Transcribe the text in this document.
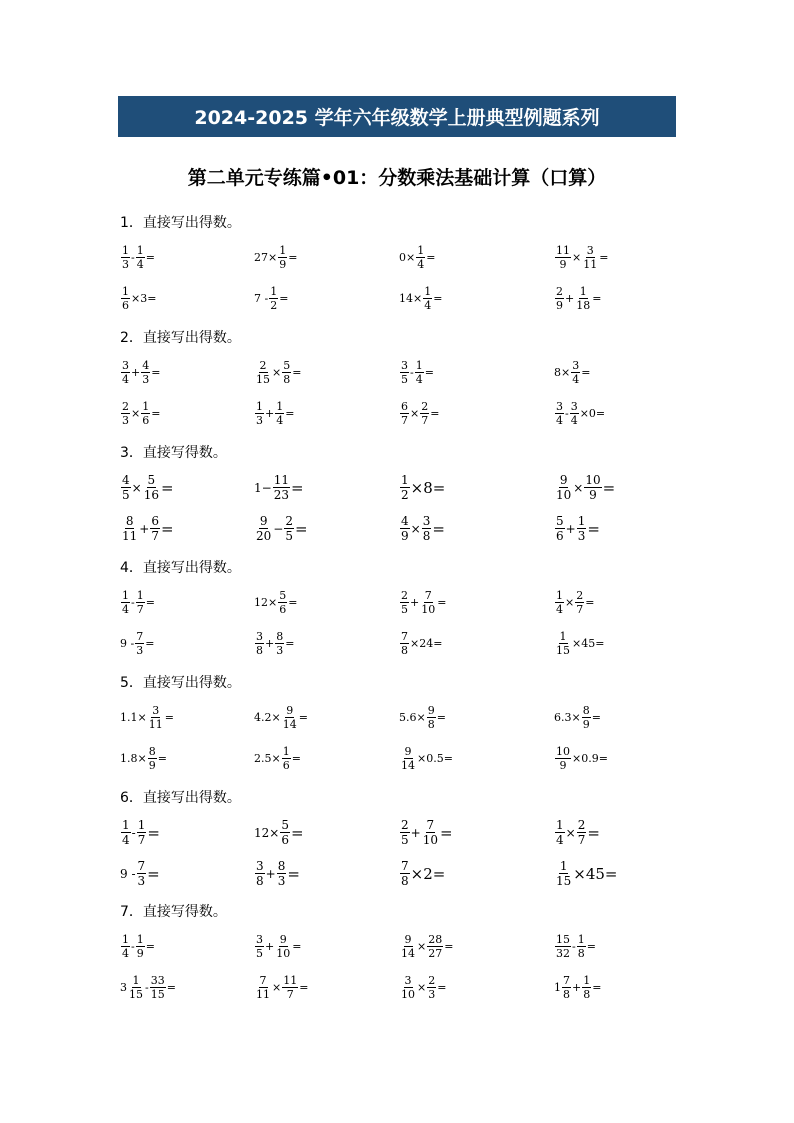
2024-2025 学年六年级数学上册典型例题系列
第二单元专练篇•01：分数乘法基础计算（口算）
1．直接写出得数。
$\frac{1}{3} - \frac{1}{4}$ =	$27\times \frac{1}{9}$ =	$0\times \frac{1}{4}$ =	$\frac{11}{9} \times \frac{3}{11}$ =
$\frac{1}{6} \times 3=$	$7 - \frac{1}{2}$ =	$14\times \frac{1}{4}$ =	$\frac{2}{9} + \frac{1}{18}$ =
2．直接写出得数。
$\frac{3}{4} + \frac{4}{3}$ =	$\frac{2}{15} \times \frac{5}{8}$ =	$\frac{3}{5} - \frac{1}{4}$ =	$8\times \frac{3}{4}$ =
$\frac{2}{3} \times \frac{1}{6}$ =	$\frac{1}{3} + \frac{1}{4}$ =	$\frac{6}{7} \times \frac{2}{7}$ =	$\frac{3}{4} - \frac{3}{4} \times 0=$
3．直接写得数。
$\frac{4}{5} \times \frac{5}{16}$ =	$1- \frac{11}{23}$ =	$\frac{1}{2} \times 8=$	$\frac{9}{10} \times \frac{10}{9}$ =
$\frac{8}{11} + \frac{6}{7}$ =	$\frac{9}{20} - \frac{2}{5}$ =	$\frac{4}{9} \times \frac{3}{8}$ =	$\frac{5}{6} + \frac{1}{3}$ =
4．直接写出得数。
$\frac{1}{4} - \frac{1}{7}$ =	$12\times \frac{5}{6}$ =	$\frac{2}{5} + \frac{7}{10}$ =	$\frac{1}{4} \times \frac{2}{7}$ =
$9 - \frac{7}{3}$ =	$\frac{3}{8} + \frac{8}{3}$ =	$\frac{7}{8} \times 24=$	$\frac{1}{15} \times 45=$
5．直接写出得数。
$1.1\times \frac{3}{11}$ =	$4.2\times \frac{9}{14}$ =	$5.6\times \frac{9}{8}$ =	$6.3\times \frac{8}{9}$ =
$1.8\times \frac{8}{9}$ =	$2.5\times \frac{1}{6}$ =	$\frac{9}{14} \times 0.5=$	$\frac{10}{9} \times 0.9=$
6．直接写出得数。
$\frac{1}{4} - \frac{1}{7}$ =	$12\times \frac{5}{6}$ =	$\frac{2}{5} + \frac{7}{10}$ =	$\frac{1}{4} \times \frac{2}{7}$ =
$9 - \frac{7}{3}$ =	$\frac{3}{8} + \frac{8}{3}$ =	$\frac{7}{8} \times 2=$	$\frac{1}{15} \times 45=$
7．直接写得数。
$\frac{1}{4} - \frac{1}{9}$ =	$\frac{3}{5} + \frac{9}{10}$ =	$\frac{9}{14} \times \frac{28}{27}$ =	$\frac{15}{32} - \frac{1}{8}$ =
$3 \frac{1}{15} - \frac{33}{15}$ =	$\frac{7}{11} \times \frac{11}{7}$ =	$\frac{3}{10} \times \frac{2}{3}$ =	$1 \frac{7}{8} + \frac{1}{8}$ =
